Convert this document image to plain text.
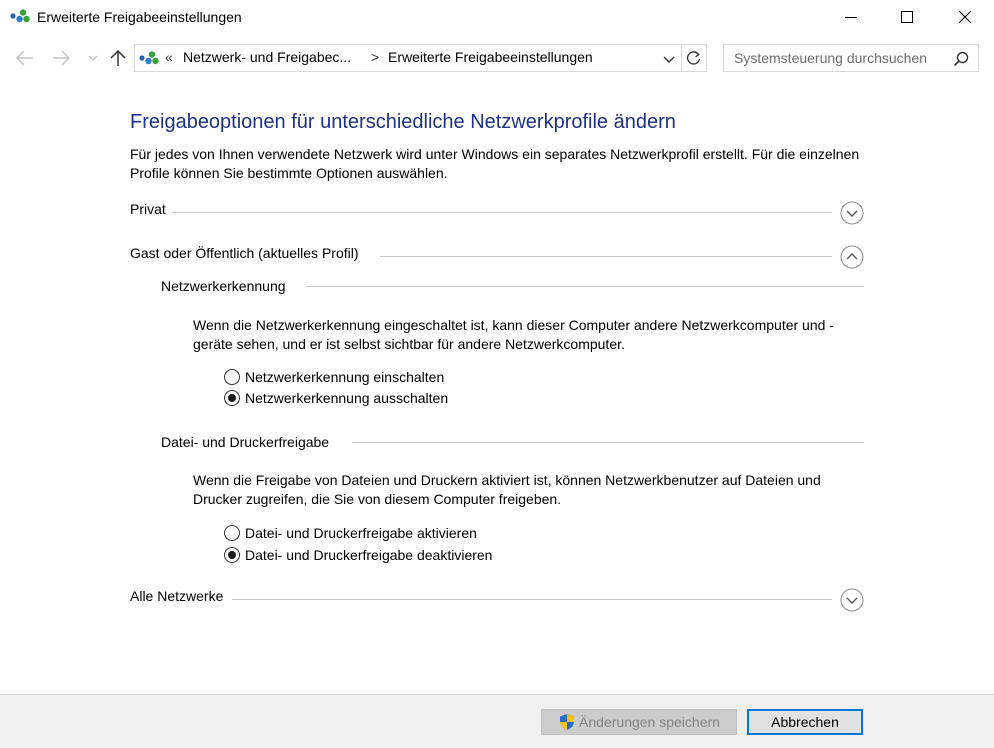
Erweiterte Freigabeeinstellungen
« Netzwerk- und Freigabec... > Erweiterte Freigabeeinstellungen	Systemsteuerung durchsuchen
Freigabeoptionen für unterschiedliche Netzwerkprofile ändern
Für jedes von Ihnen verwendete Netzwerk wird unter Windows ein separates Netzwerkprofil erstellt. Für die einzelnen Profile können Sie bestimmte Optionen auswählen.
Privat
Gast oder Öffentlich (aktuelles Profil)
Netzwerkerkennung
Wenn die Netzwerkerkennung eingeschaltet ist, kann dieser Computer andere Netzwerkcomputer und -geräte sehen, und er ist selbst sichtbar für andere Netzwerkcomputer.
Netzwerkerkennung einschalten
Netzwerkerkennung ausschalten
Datei- und Druckerfreigabe
Wenn die Freigabe von Dateien und Druckern aktiviert ist, können Netzwerkbenutzer auf Dateien und Drucker zugreifen, die Sie von diesem Computer freigeben.
Datei- und Druckerfreigabe aktivieren
Datei- und Druckerfreigabe deaktivieren
Alle Netzwerke
Änderungen speichern	Abbrechen
